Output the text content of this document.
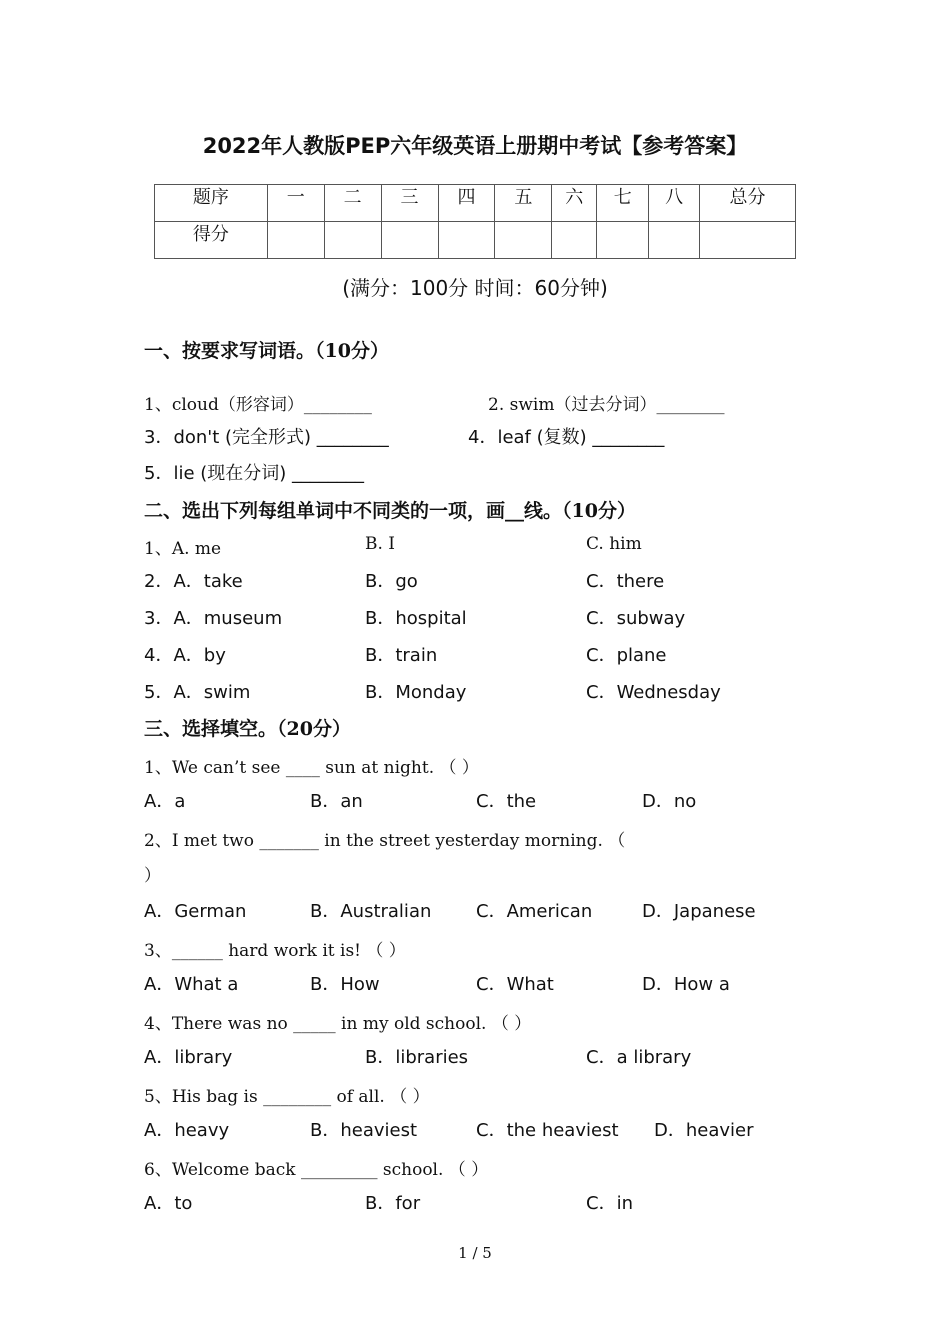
2022年人教版PEP六年级英语上册期中考试【参考答案】
题序	一	二	三	四	五	六	七	八	总分
得分									
(满分：100分 时间：60分钟)
一、按要求写词语。（10分）
1、cloud（形容词）________	2. swim（过去分词）________
3．don't (完全形式) ________	4．leaf (复数) ________
5．lie (现在分词) ________
二、选出下列每组单词中不同类的一项，画__线。（10分）
1、A. me	B. I	C. him
2．A．take	B．go	C．there
3．A．museum	B．hospital	C．subway
4．A．by	B．train	C．plane
5．A．swim	B．Monday	C．Wednesday
三、选择填空。（20分）
1、We can’t see ____ sun at night. （ ）
A．a	B．an	C．the	D．no
2、I met two _______ in the street yesterday morning. （
）
A．German	B．Australian C．American	D．Japanese
3、______ hard work it is! （ ）
A．What a	B．How	C．What	D．How a
4、There was no _____ in my old school. （ ）
A．library	B．libraries	C．a library
5、His bag is ________ of all. （ ）
A．heavy	B．heaviest	C．the heaviest D．heavier
6、Welcome back _________ school. （ ）
A．to	B．for	C．in
1 / 5
